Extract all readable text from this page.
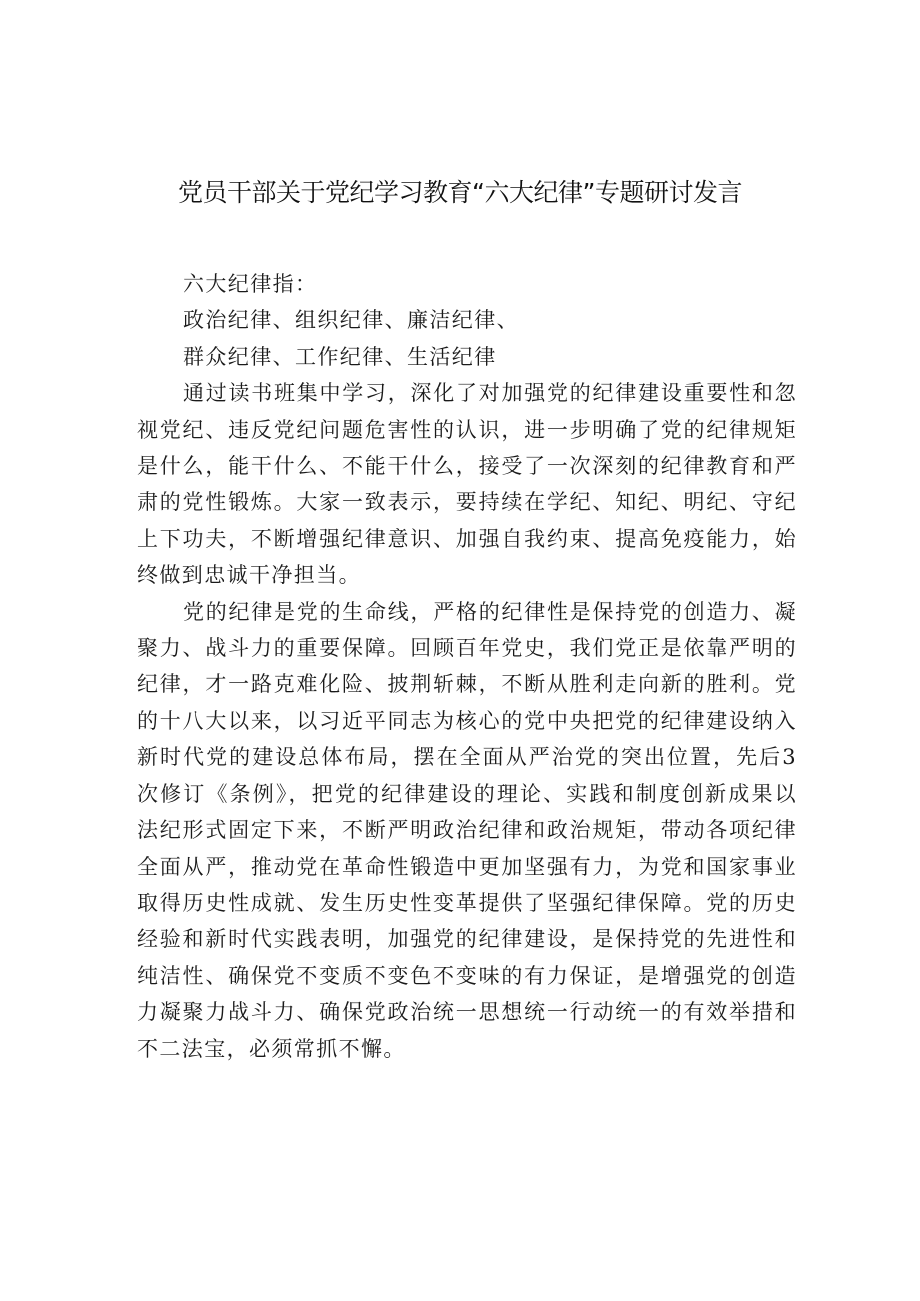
党员干部关于党纪学习教育“六大纪律”专题研讨发言

六大纪律指：

政治纪律、组织纪律、廉洁纪律、

群众纪律、工作纪律、生活纪律

通过读书班集中学习，深化了对加强党的纪律建设重要性和忽视党纪、违反党纪问题危害性的认识，进一步明确了党的纪律规矩是什么，能干什么、不能干什么，接受了一次深刻的纪律教育和严肃的党性锻炼。大家一致表示，要持续在学纪、知纪、明纪、守纪上下功夫，不断增强纪律意识、加强自我约束、提高免疫能力，始终做到忠诚干净担当。

党的纪律是党的生命线，严格的纪律性是保持党的创造力、凝聚力、战斗力的重要保障。回顾百年党史，我们党正是依靠严明的纪律，才一路克难化险、披荆斩棘，不断从胜利走向新的胜利。党的十八大以来，以习近平同志为核心的党中央把党的纪律建设纳入新时代党的建设总体布局，摆在全面从严治党的突出位置，先后3次修订《条例》，把党的纪律建设的理论、实践和制度创新成果以法纪形式固定下来，不断严明政治纪律和政治规矩，带动各项纪律全面从严，推动党在革命性锻造中更加坚强有力，为党和国家事业取得历史性成就、发生历史性变革提供了坚强纪律保障。党的历史经验和新时代实践表明，加强党的纪律建设，是保持党的先进性和纯洁性、确保党不变质不变色不变味的有力保证，是增强党的创造力凝聚力战斗力、确保党政治统一思想统一行动统一的有效举措和不二法宝，必须常抓不懈。
